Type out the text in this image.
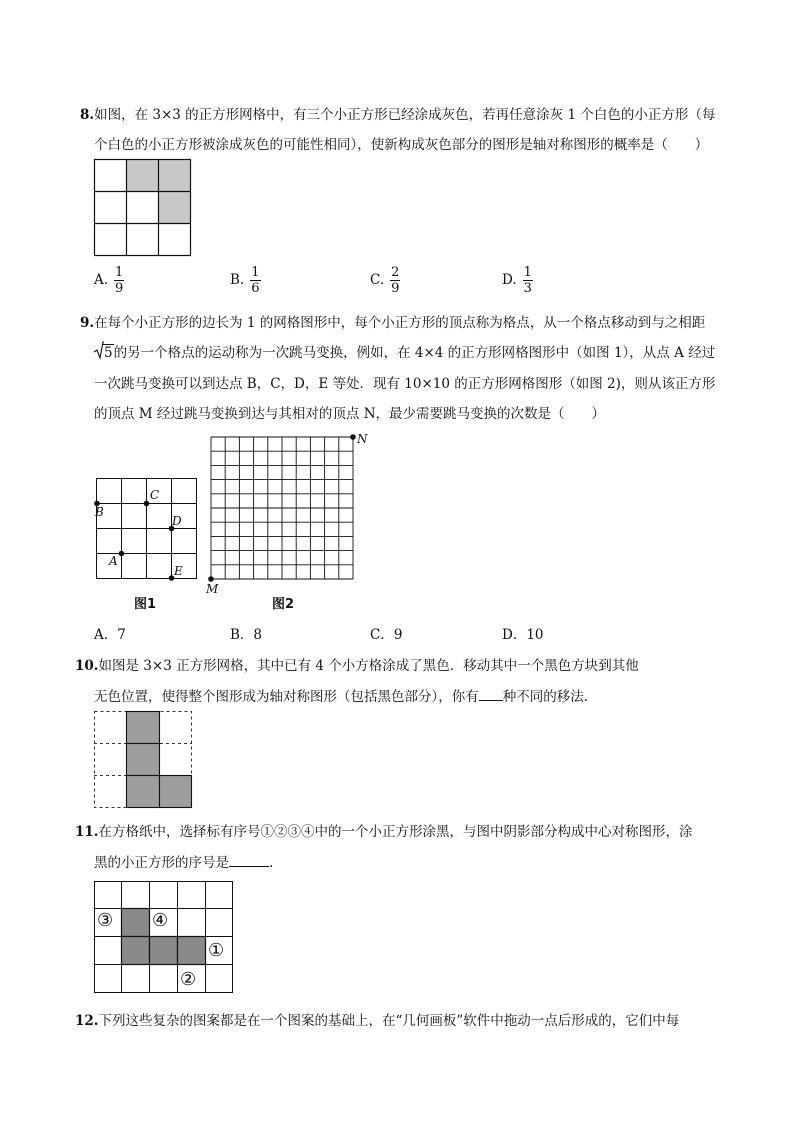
8.如图，在 3×3 的正方形网格中，有三个小正方形已经涂成灰色，若再任意涂灰 1 个白色的小正方形（每
个白色的小正方形被涂成灰色的可能性相同），使新构成灰色部分的图形是轴对称图形的概率是（　　）
A. $\frac{1}{9}$	B. $\frac{1}{6}$	C. $\frac{2}{9}$	D. $\frac{1}{3}$
9.在每个小正方形的边长为 1 的网格图形中，每个小正方形的顶点称为格点，从一个格点移动到与之相距
5的另一个格点的运动称为一次跳马变换，例如，在 4×4 的正方形网格图形中（如图 1），从点 A 经过
一次跳马变换可以到达点 B，C，D，E 等处．现有 10×10 的正方形网格图形（如图 2)，则从该正方形
的顶点 M 经过跳马变换到达与其相对的顶点 N，最少需要跳马变换的次数是（　　）
B
C
D
A
E
图1
M
N
图2
A．7	B．8	C．9	D．10
10.如图是 3×3 正方形网格，其中已有 4 个小方格涂成了黑色．移动其中一个黑色方块到其他
无色位置，使得整个图形成为轴对称图形（包括黑色部分），你有 种不同的移法．
11.在方格纸中，选择标有序号①②③④中的一个小正方形涂黑，与图中阴影部分构成中心对称图形，涂
黑的小正方形的序号是	.
③ ④
①
②
12.下列这些复杂的图案都是在一个图案的基础上，在“几何画板”软件中拖动一点后形成的，它们中每
